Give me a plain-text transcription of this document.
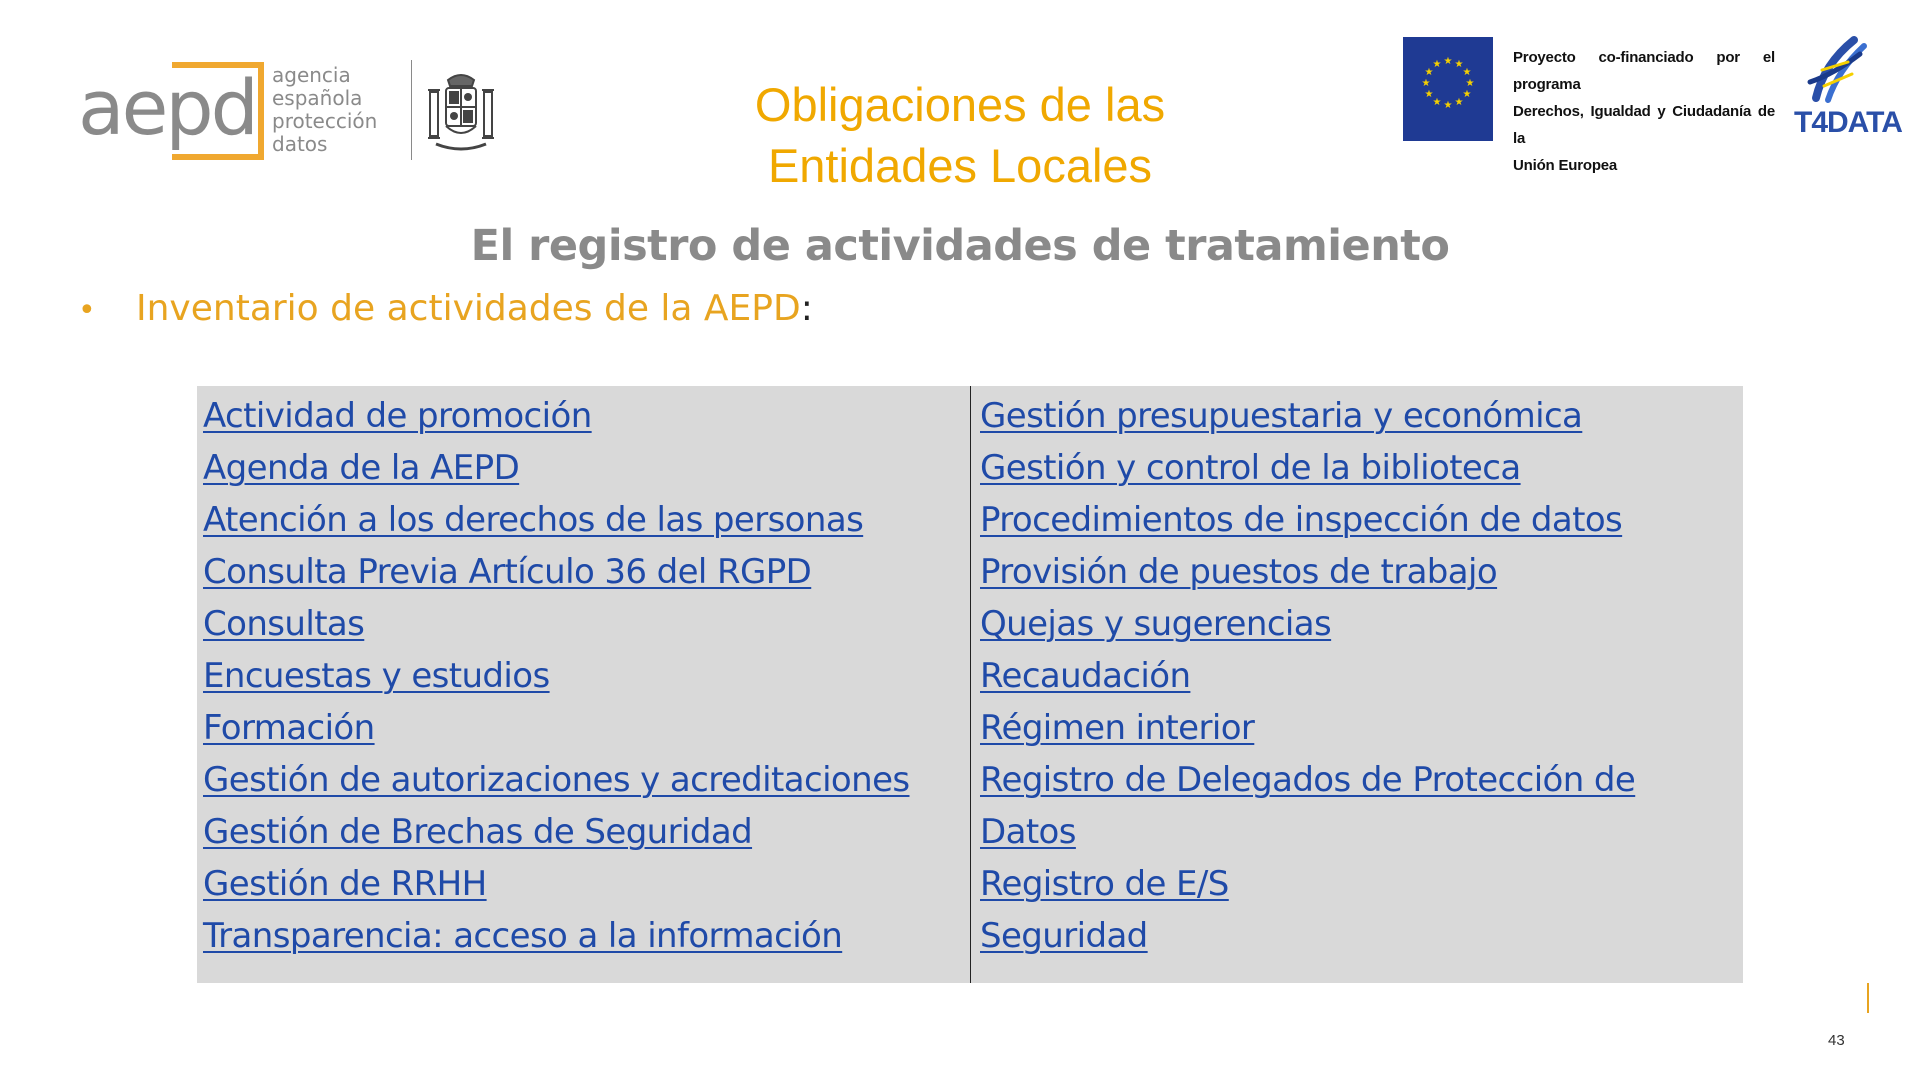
aepd agencia
española
protección
datos
Obligaciones de las
Entidades Locales
★ ★
★
★
★
★
★
★
★
★
★
★	Proyecto co-financiado por el programa
Derechos, Igualdad y Ciudadanía de la
Unión Europea
T4DATA
El registro de actividades de tratamiento
• Inventario de actividades de la AEPD:
Actividad de promoción
Agenda de la AEPD
Atención a los derechos de las personas
Consulta Previa Artículo 36 del RGPD
Consultas
Encuestas y estudios
Formación
Gestión de autorizaciones y acreditaciones
Gestión de Brechas de Seguridad
Gestión de RRHH
Transparencia: acceso a la información
Gestión presupuestaria y económica
Gestión y control de la biblioteca
Procedimientos de inspección de datos
Provisión de puestos de trabajo
Quejas y sugerencias
Recaudación
Régimen interior
Registro de Delegados de Protección de
Datos
Registro de E/S
Seguridad
43
